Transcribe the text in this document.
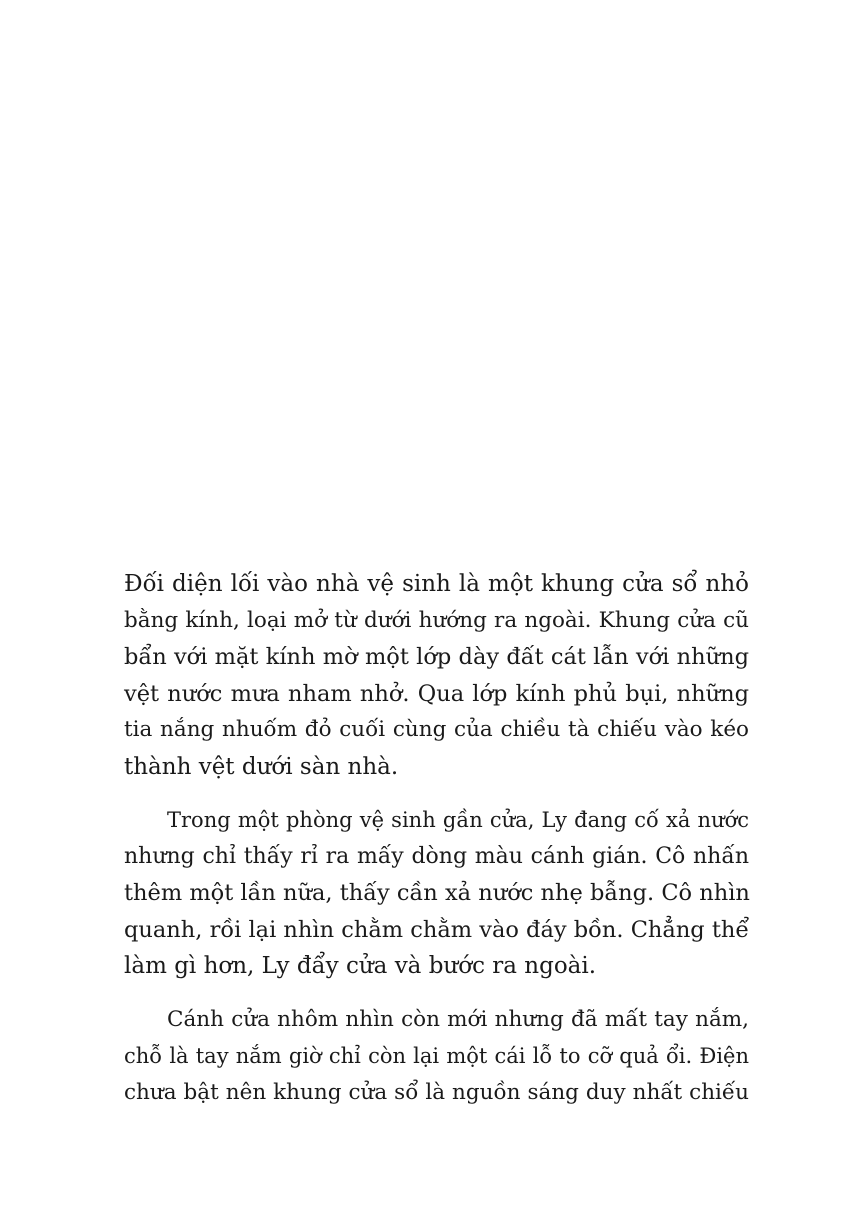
Đối diện lối vào nhà vệ sinh là một khung cửa sổ nhỏ
bằng kính, loại mở từ dưới hướng ra ngoài. Khung cửa cũ
bẩn với mặt kính mờ một lớp dày đất cát lẫn với những
vệt nước mưa nham nhở. Qua lớp kính phủ bụi, những
tia nắng nhuốm đỏ cuối cùng của chiều tà chiếu vào kéo
thành vệt dưới sàn nhà.

Trong một phòng vệ sinh gần cửa, Ly đang cố xả nước
nhưng chỉ thấy rỉ ra mấy dòng màu cánh gián. Cô nhấn
thêm một lần nữa, thấy cần xả nước nhẹ bẫng. Cô nhìn
quanh, rồi lại nhìn chằm chằm vào đáy bồn. Chẳng thể
làm gì hơn, Ly đẩy cửa và bước ra ngoài.

Cánh cửa nhôm nhìn còn mới nhưng đã mất tay nắm,
chỗ là tay nắm giờ chỉ còn lại một cái lỗ to cỡ quả ổi. Điện
chưa bật nên khung cửa sổ là nguồn sáng duy nhất chiếu
